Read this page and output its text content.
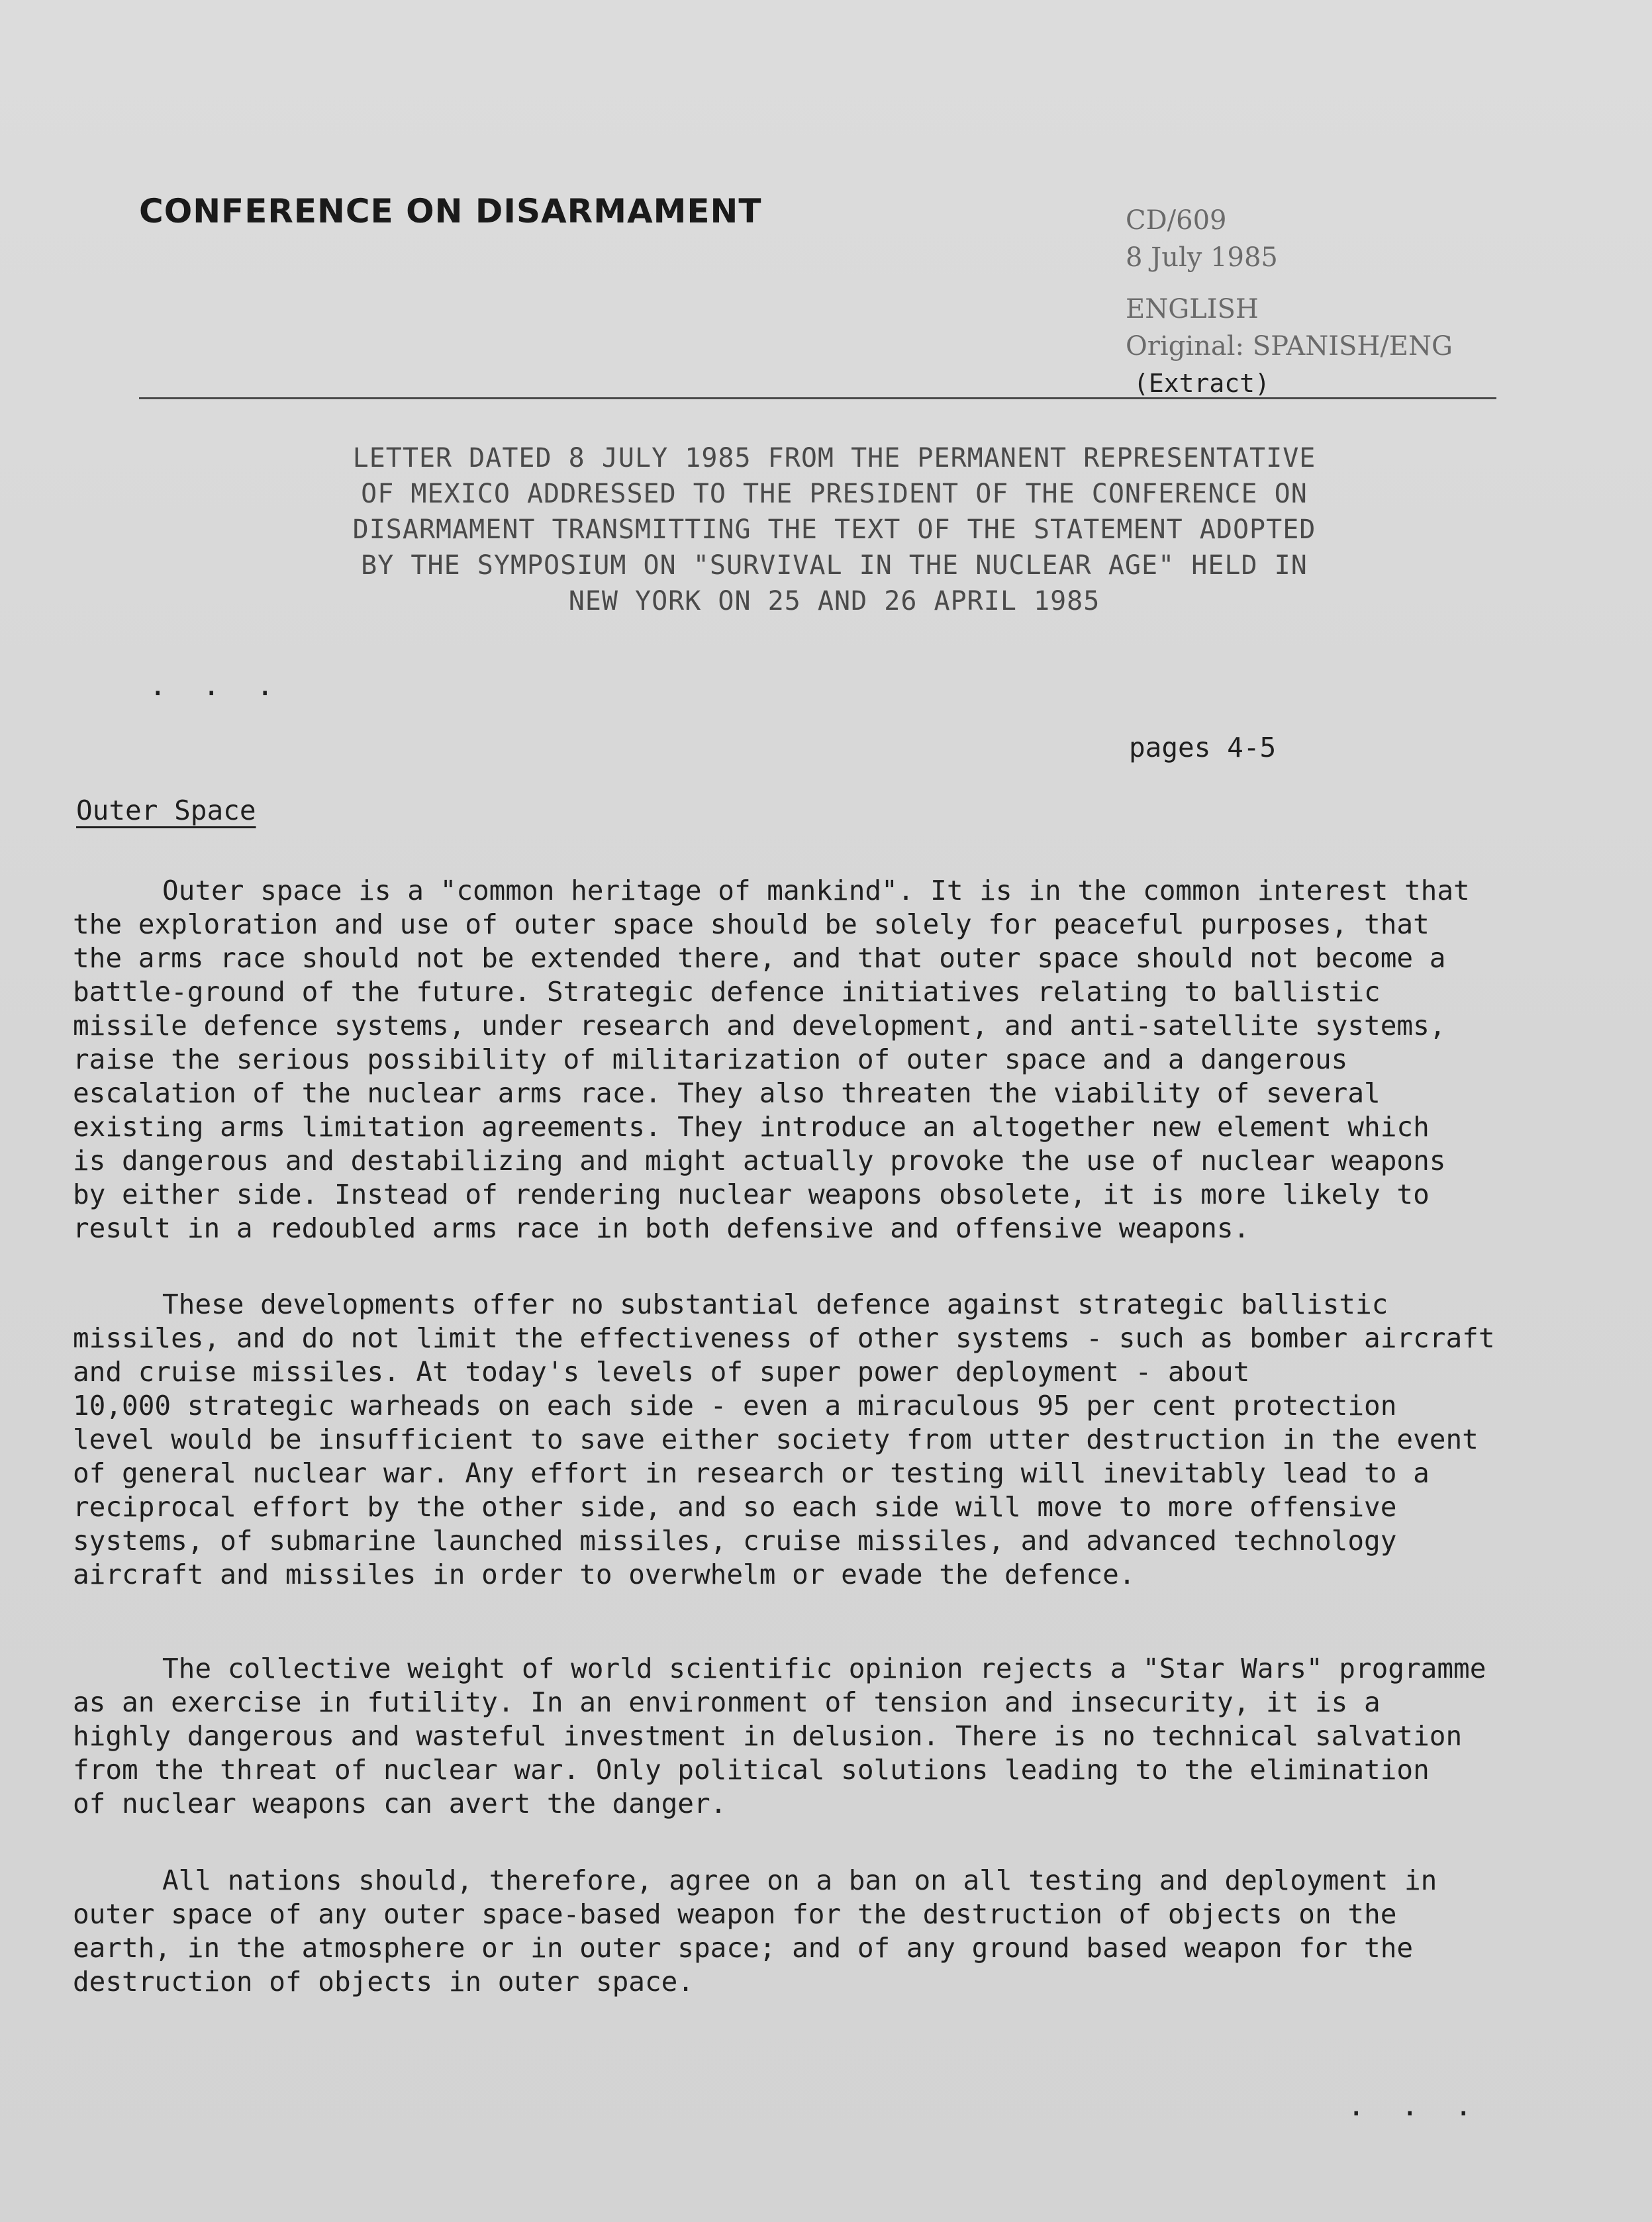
CONFERENCE ON DISARMAMENT	CD/609
8 July 1985
ENGLISH
Original: SPANISH/ENG
(Extract)
LETTER DATED 8 JULY 1985 FROM THE PERMANENT REPRESENTATIVE
OF MEXICO ADDRESSED TO THE PRESIDENT OF THE CONFERENCE ON
DISARMAMENT TRANSMITTING THE TEXT OF THE STATEMENT ADOPTED
BY THE SYMPOSIUM ON "SURVIVAL IN THE NUCLEAR AGE" HELD IN
NEW YORK ON 25 AND 26 APRIL 1985
. . .
pages 4-5
Outer Space
Outer space is a "common heritage of mankind". It is in the common interest that
the exploration and use of outer space should be solely for peaceful purposes, that
the arms race should not be extended there, and that outer space should not become a
battle-ground of the future. Strategic defence initiatives relating to ballistic
missile defence systems, under research and development, and anti-satellite systems,
raise the serious possibility of militarization of outer space and a dangerous
escalation of the nuclear arms race. They also threaten the viability of several
existing arms limitation agreements. They introduce an altogether new element which
is dangerous and destabilizing and might actually provoke the use of nuclear weapons
by either side. Instead of rendering nuclear weapons obsolete, it is more likely to
result in a redoubled arms race in both defensive and offensive weapons.
These developments offer no substantial defence against strategic ballistic
missiles, and do not limit the effectiveness of other systems - such as bomber aircraft
and cruise missiles. At today's levels of super power deployment - about
10,000 strategic warheads on each side - even a miraculous 95 per cent protection
level would be insufficient to save either society from utter destruction in the event
of general nuclear war. Any effort in research or testing will inevitably lead to a
reciprocal effort by the other side, and so each side will move to more offensive
systems, of submarine launched missiles, cruise missiles, and advanced technology
aircraft and missiles in order to overwhelm or evade the defence.
The collective weight of world scientific opinion rejects a "Star Wars" programme
as an exercise in futility. In an environment of tension and insecurity, it is a
highly dangerous and wasteful investment in delusion. There is no technical salvation
from the threat of nuclear war. Only political solutions leading to the elimination
of nuclear weapons can avert the danger.
All nations should, therefore, agree on a ban on all testing and deployment in
outer space of any outer space-based weapon for the destruction of objects on the
earth, in the atmosphere or in outer space; and of any ground based weapon for the
destruction of objects in outer space.
. . .
